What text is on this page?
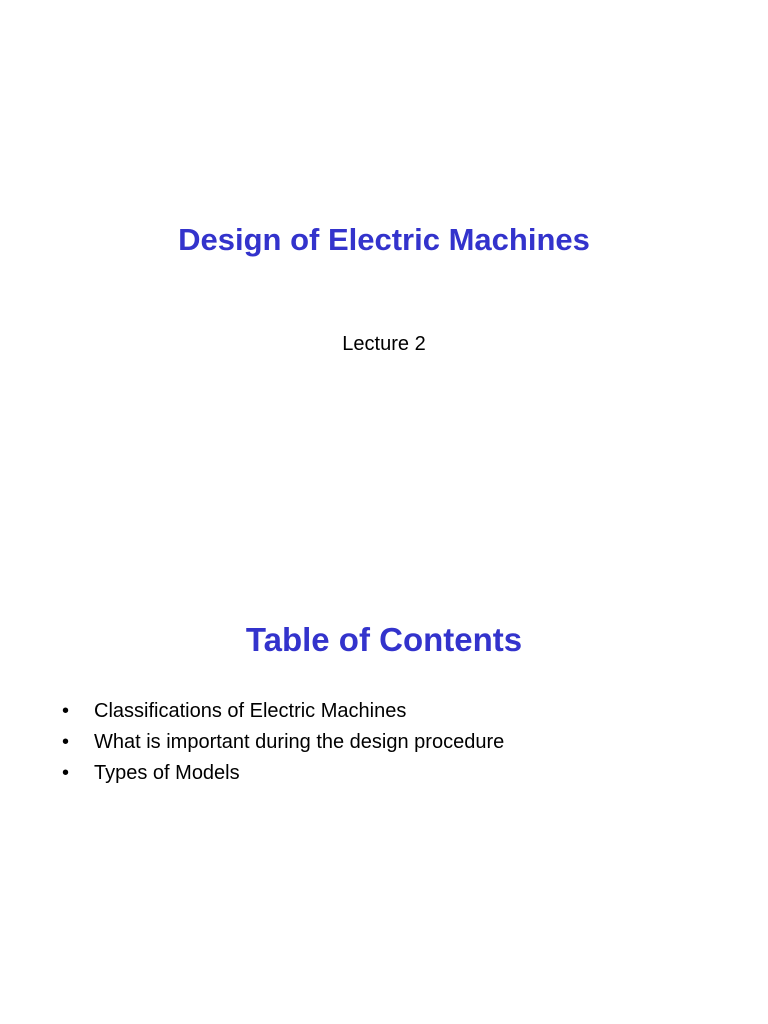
Design of Electric Machines

Lecture 2

Table of Contents
• Classifications of Electric Machines
• What is important during the design procedure
• Types of Models
